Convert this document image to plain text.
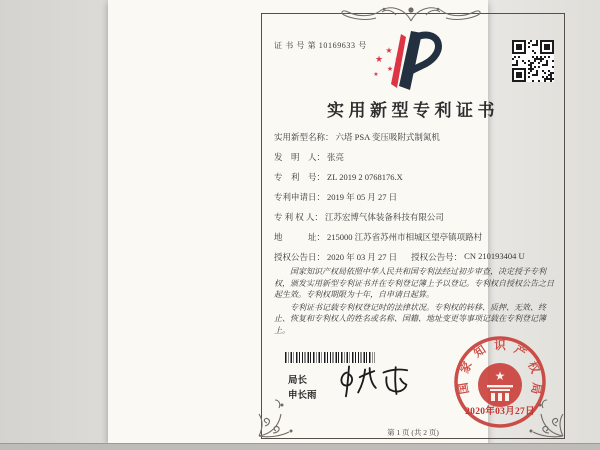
证 书 号 第 10169633 号
★
★
★
★
实用新型专利证书
实用新型名称： 六塔 PSA 变压吸附式制氮机
发　明　人： 张亮
专　利　号： ZL 2019 2 0768176.X
专利申请日： 2019 年 05 月 27 日
专 利 权 人： 江苏宏博气体装备科技有限公司
地　　　址： 215000 江苏省苏州市相城区望亭镇项路村
授权公告日： 2020 年 03 月 27 日 授权公告号： CN 210193404 U

国家知识产权局依照中华人民共和国专利法经过初步审查，决定授予专利权，颁发实用新型专利证书并在专利登记簿上予以登记。专利权自授权公告之日起生效。专利权期限为十年，自申请日起算。

专利证书记载专利权登记时的法律状况。专利权的转移、质押、无效、终止、恢复和专利权人的姓名或名称、国籍、地址变更等事项记载在专利登记簿上。

局长
申长雨
★
国
家
知 识 产
权
局
2020年03月27日
第 1 页 (共 2 页)
